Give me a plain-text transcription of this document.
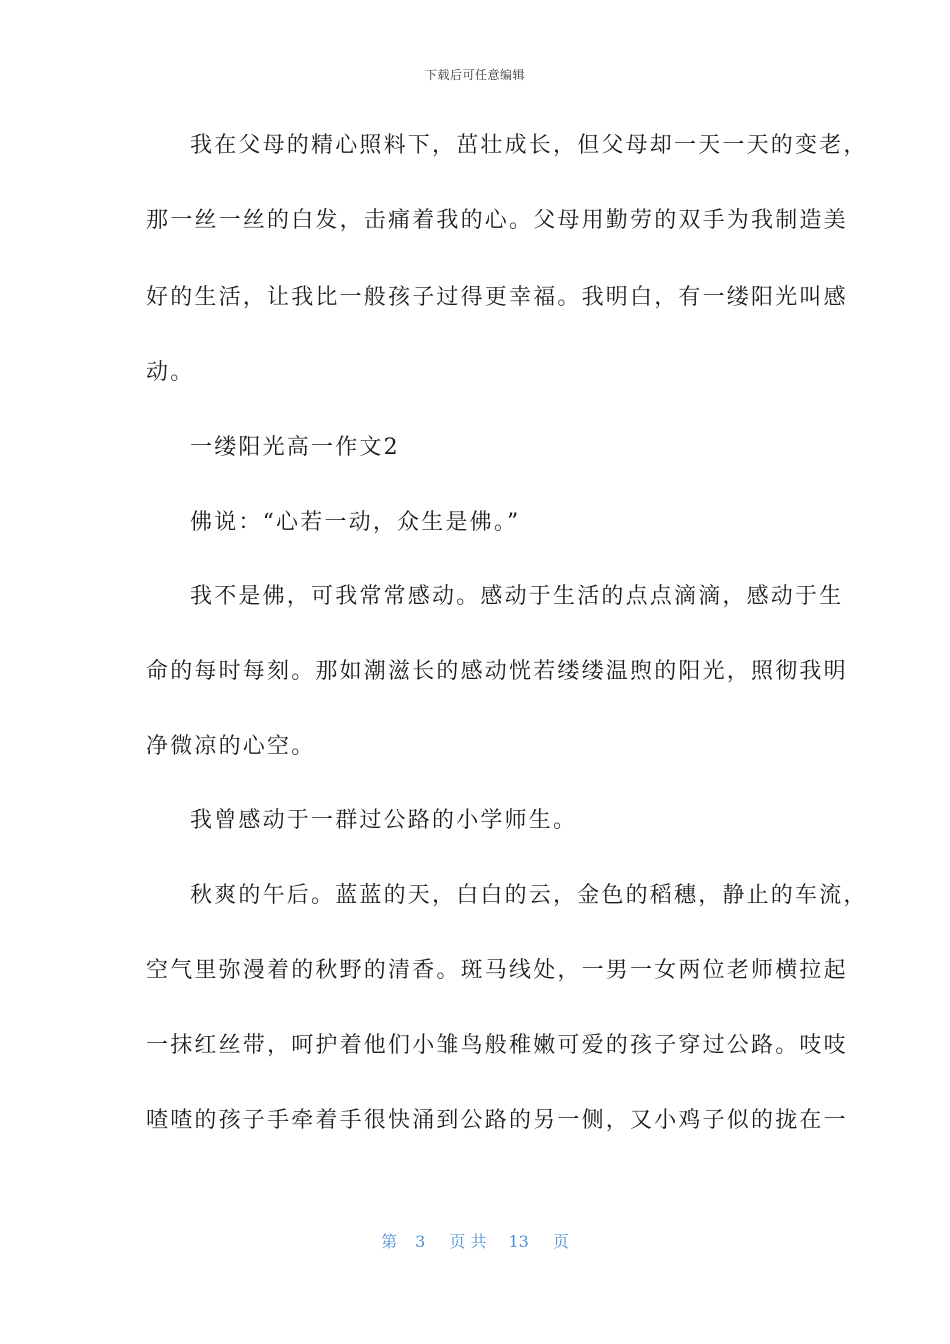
下载后可任意编辑
我在父母的精心照料下，茁壮成长，但父母却一天一天的变老，
那一丝一丝的白发，击痛着我的心。父母用勤劳的双手为我制造美
好的生活，让我比一般孩子过得更幸福。我明白，有一缕阳光叫感
动。
一缕阳光高一作文2
佛说：“心若一动，众生是佛。”
我不是佛，可我常常感动。感动于生活的点点滴滴，感动于生
命的每时每刻。那如潮滋长的感动恍若缕缕温煦的阳光，照彻我明
净微凉的心空。
我曾感动于一群过公路的小学师生。
秋爽的午后。蓝蓝的天，白白的云，金色的稻穗，静止的车流，
空气里弥漫着的秋野的清香。斑马线处，一男一女两位老师横拉起
一抹红丝带，呵护着他们小雏鸟般稚嫩可爱的孩子穿过公路。吱吱
喳喳的孩子手牵着手很快涌到公路的另一侧，又小鸡子似的拢在一
第 3 页 共 13 页
